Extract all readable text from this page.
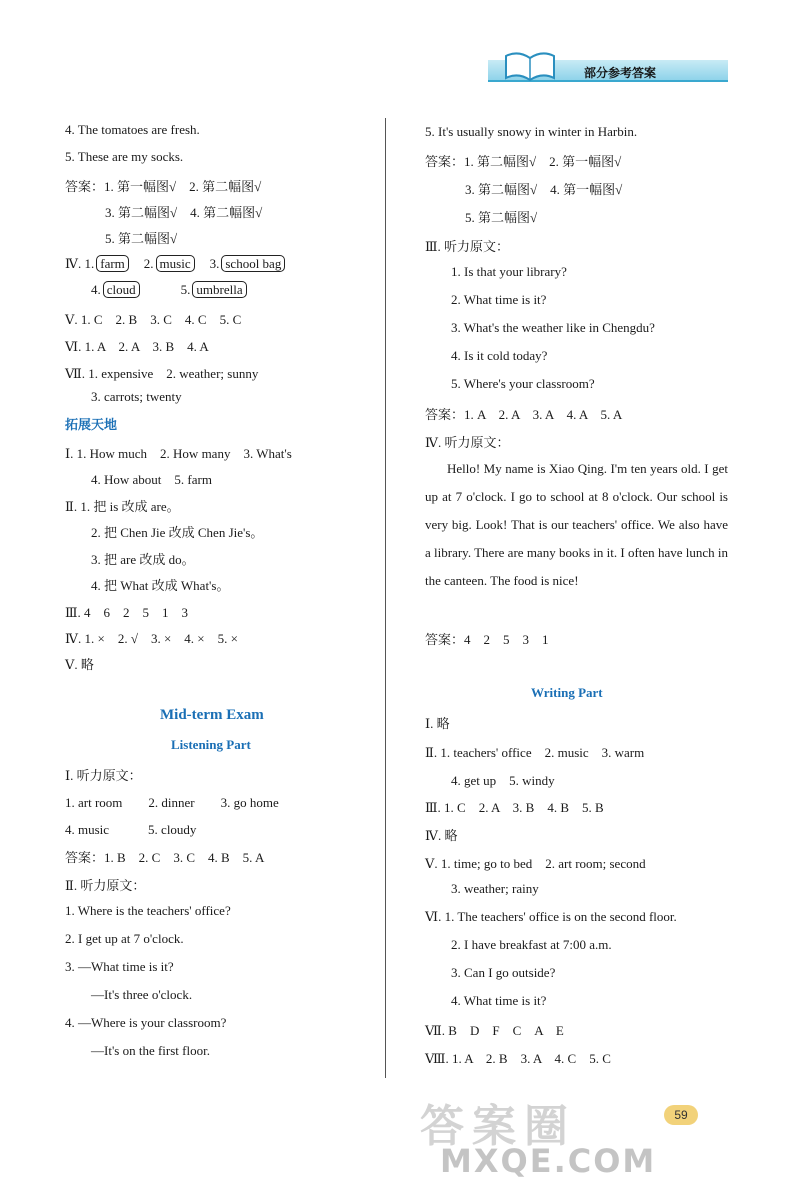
部分参考答案
4. The tomatoes are fresh.
5. These are my socks.
答案：1. 第一幅图√　2. 第二幅图√
3. 第二幅图√　4. 第二幅图√
5. 第二幅图√
Ⅳ. 1. farm 2. music 3. school bag
4. cloud	5. umbrella
Ⅴ. 1. C　2. B　3. C　4. C　5. C
Ⅵ. 1. A　2. A　3. B　4. A
Ⅶ. 1. expensive　2. weather; sunny
3. carrots; twenty
拓展天地
Ⅰ. 1. How much　2. How many　3. What's
4. How about　5. farm
Ⅱ. 1. 把 is 改成 are。
2. 把 Chen Jie 改成 Chen Jie's。
3. 把 are 改成 do。
4. 把 What 改成 What's。
Ⅲ. 4　6　2　5　1　3
Ⅳ. 1. ×　2. √　3. ×　4. ×　5. ×
Ⅴ. 略
Mid-term Exam
Listening Part
Ⅰ. 听力原文：
1. art room　　2. dinner　　3. go home
4. music　　　5. cloudy
答案：1. B　2. C　3. C　4. B　5. A
Ⅱ. 听力原文：
1. Where is the teachers' office?
2. I get up at 7 o'clock.
3. —What time is it?
—It's three o'clock.
4. —Where is your classroom?
—It's on the first floor.
5. It's usually snowy in winter in Harbin.
答案：1. 第二幅图√　2. 第一幅图√
3. 第二幅图√　4. 第一幅图√
5. 第二幅图√
Ⅲ. 听力原文：
1. Is that your library?
2. What time is it?
3. What's the weather like in Chengdu?
4. Is it cold today?
5. Where's your classroom?
答案：1. A　2. A　3. A　4. A　5. A
Ⅳ. 听力原文：
Hello! My name is Xiao Qing. I'm ten years old. I get up at 7 o'clock. I go to school at 8 o'clock. Our school is very big. Look! That is our teachers' office. We also have a library. There are many books in it. I often have lunch in the canteen. The food is nice!
答案：4　2　5　3　1
Writing Part
Ⅰ. 略
Ⅱ. 1. teachers' office　2. music　3. warm
4. get up　5. windy
Ⅲ. 1. C　2. A　3. B　4. B　5. B
Ⅳ. 略
Ⅴ. 1. time; go to bed　2. art room; second
3. weather; rainy
Ⅵ. 1. The teachers' office is on the second floor.
2. I have breakfast at 7:00 a.m.
3. Can I go outside?
4. What time is it?
Ⅶ. B　D　F　C　A　E
Ⅷ. 1. A　2. B　3. A　4. C　5. C
答案圈
MXQE.COM
59
